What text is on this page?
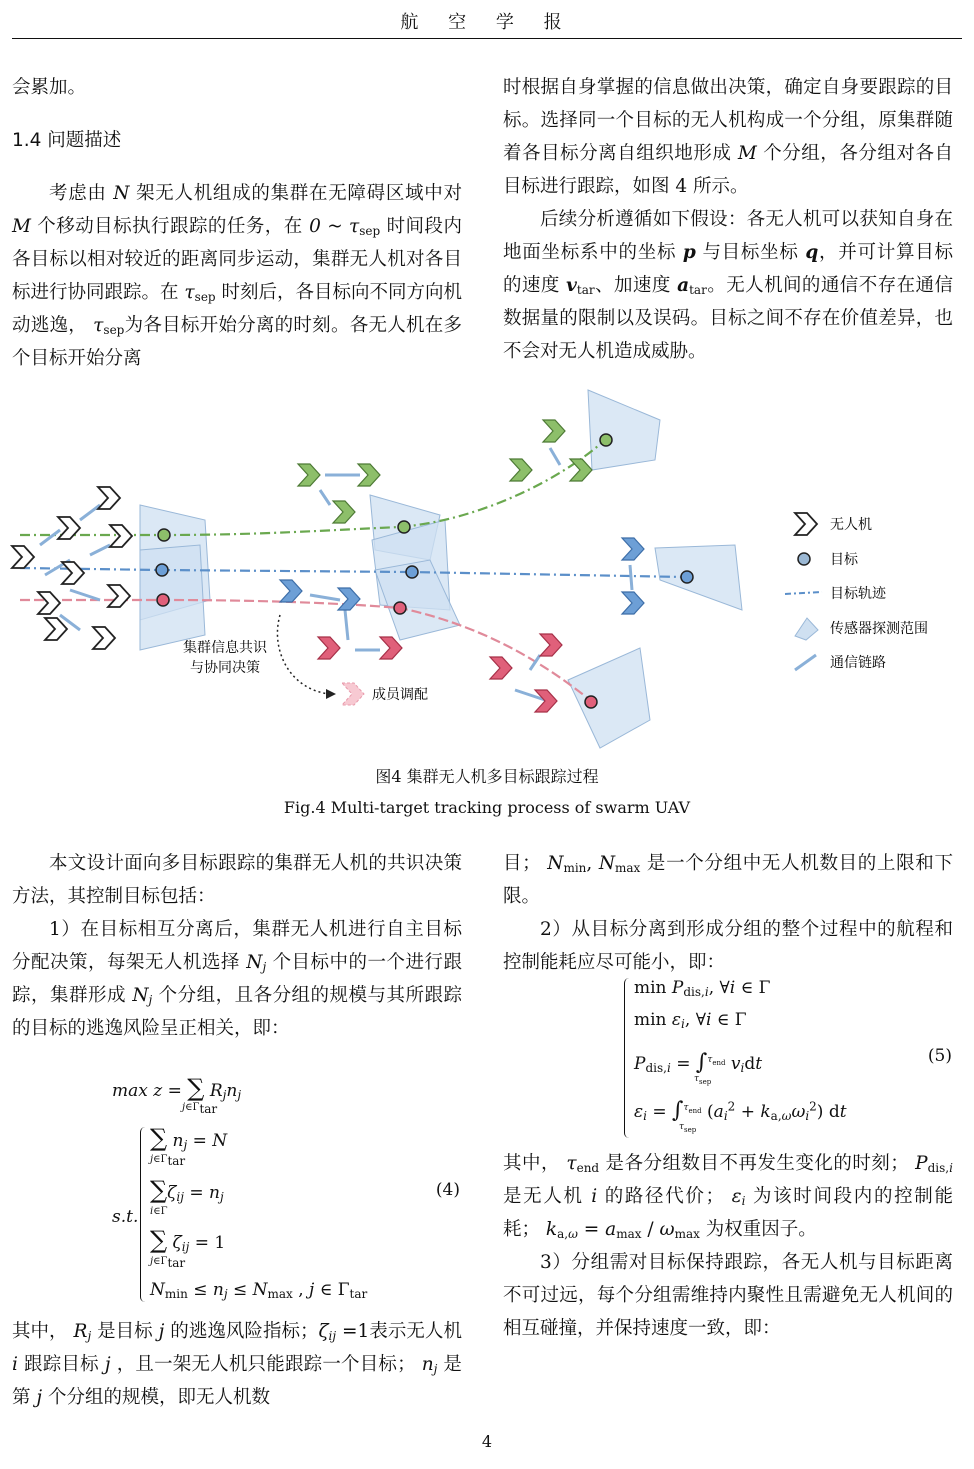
航 空 学 报

会累加。

1.4 问题描述

考虑由 N 架无人机组成的集群在无障碍区域中对 M 个移动目标执行跟踪的任务，在 0 ~ $\tau_{sep}$ 时间段内各目标以相对较近的距离同步运动，集群无人机对各目标进行协同跟踪。在 $\tau_{sep}$ 时刻后，各目标向不同方向机动逃逸， $\tau_{sep}$为各目标开始分离的时刻。各无人机在多个目标开始分离

时根据自身掌握的信息做出决策，确定自身要跟踪的目标。选择同一个目标的无人机构成一个分组，原集群随着各目标分离自组织地形成 M 个分组，各分组对各自目标进行跟踪，如图 4 所示。

后续分析遵循如下假设：各无人机可以获知自身在地面坐标系中的坐标 p 与目标坐标 q，并可计算目标的速度 $v_{tar}$、加速度 $a_{tar}$。无人机间的通信不存在通信数据量的限制以及误码。目标之间不存在价值差异，也不会对无人机造成威胁。

集群信息共识
与协同决策
成员调配
无人机
目标
目标轨迹
传感器探测范围
通信链路
图4 集群无人机多目标跟踪过程
Fig.4 Multi-target tracking process of swarm UAV

本文设计面向多目标跟踪的集群无人机的共识决策方法，其控制目标包括：

1）在目标相互分离后，集群无人机进行自主目标分配决策，每架无人机选择 $N_j$ 个目标中的一个进行跟踪，集群形成 $N_j$ 个分组，且各分组的规模与其所跟踪的目标的逃逸风险呈正相关，即：

max z = ∑ $R_jn_j$
$j\in\Gamma_{tar}$
s.t.
∑ $n_j = N$
$j\in\Gamma_{tar}$
$\sum\zeta_{ij} = n_j$
i∈Γ
∑ $\zeta_{ij} = 1$
$j\in\Gamma_{tar}$
$N_{min} \le n_j \le N_{max}$ , j ∈ $\Gamma_{tar}$
(4)

其中， $R_j$ 是目标 j 的逃逸风险指标；$\zeta_{ij} =1$表示无人机 i 跟踪目标 j ，且一架无人机只能跟踪一个目标； $n_j$ 是第 j 个分组的规模，即无人机数

目； $N_{min}$, $N_{max}$ 是一个分组中无人机数目的上限和下限。

2）从目标分离到形成分组的整个过程中的航程和控制能耗应尽可能小，即：

$\min P_{dis,i}$, ∀i ∈ Γ
$\min \varepsilon_i$, ∀i ∈ Γ
$P_{dis,i} = \int^{\tau_{end}}$ $v_idt$
$\tau_{sep}$
$\varepsilon_i = \int^{\tau_{end}}$ $(a_i^2 + k_{a,\omega}\omega_i^2)$ dt
$\tau_{sep}$
(5)

其中， $\tau_{end}$ 是各分组数目不再发生变化的时刻； $P_{dis,i}$ 是无人机 i 的路径代价； $\varepsilon_i$ 为该时间段内的控制能耗； $k_{a,\omega} = a_{max} / \omega_{max}$ 为权重因子。

3）分组需对目标保持跟踪，各无人机与目标距离不可过远，每个分组需维持内聚性且需避免无人机间的相互碰撞，并保持速度一致，即：

4
